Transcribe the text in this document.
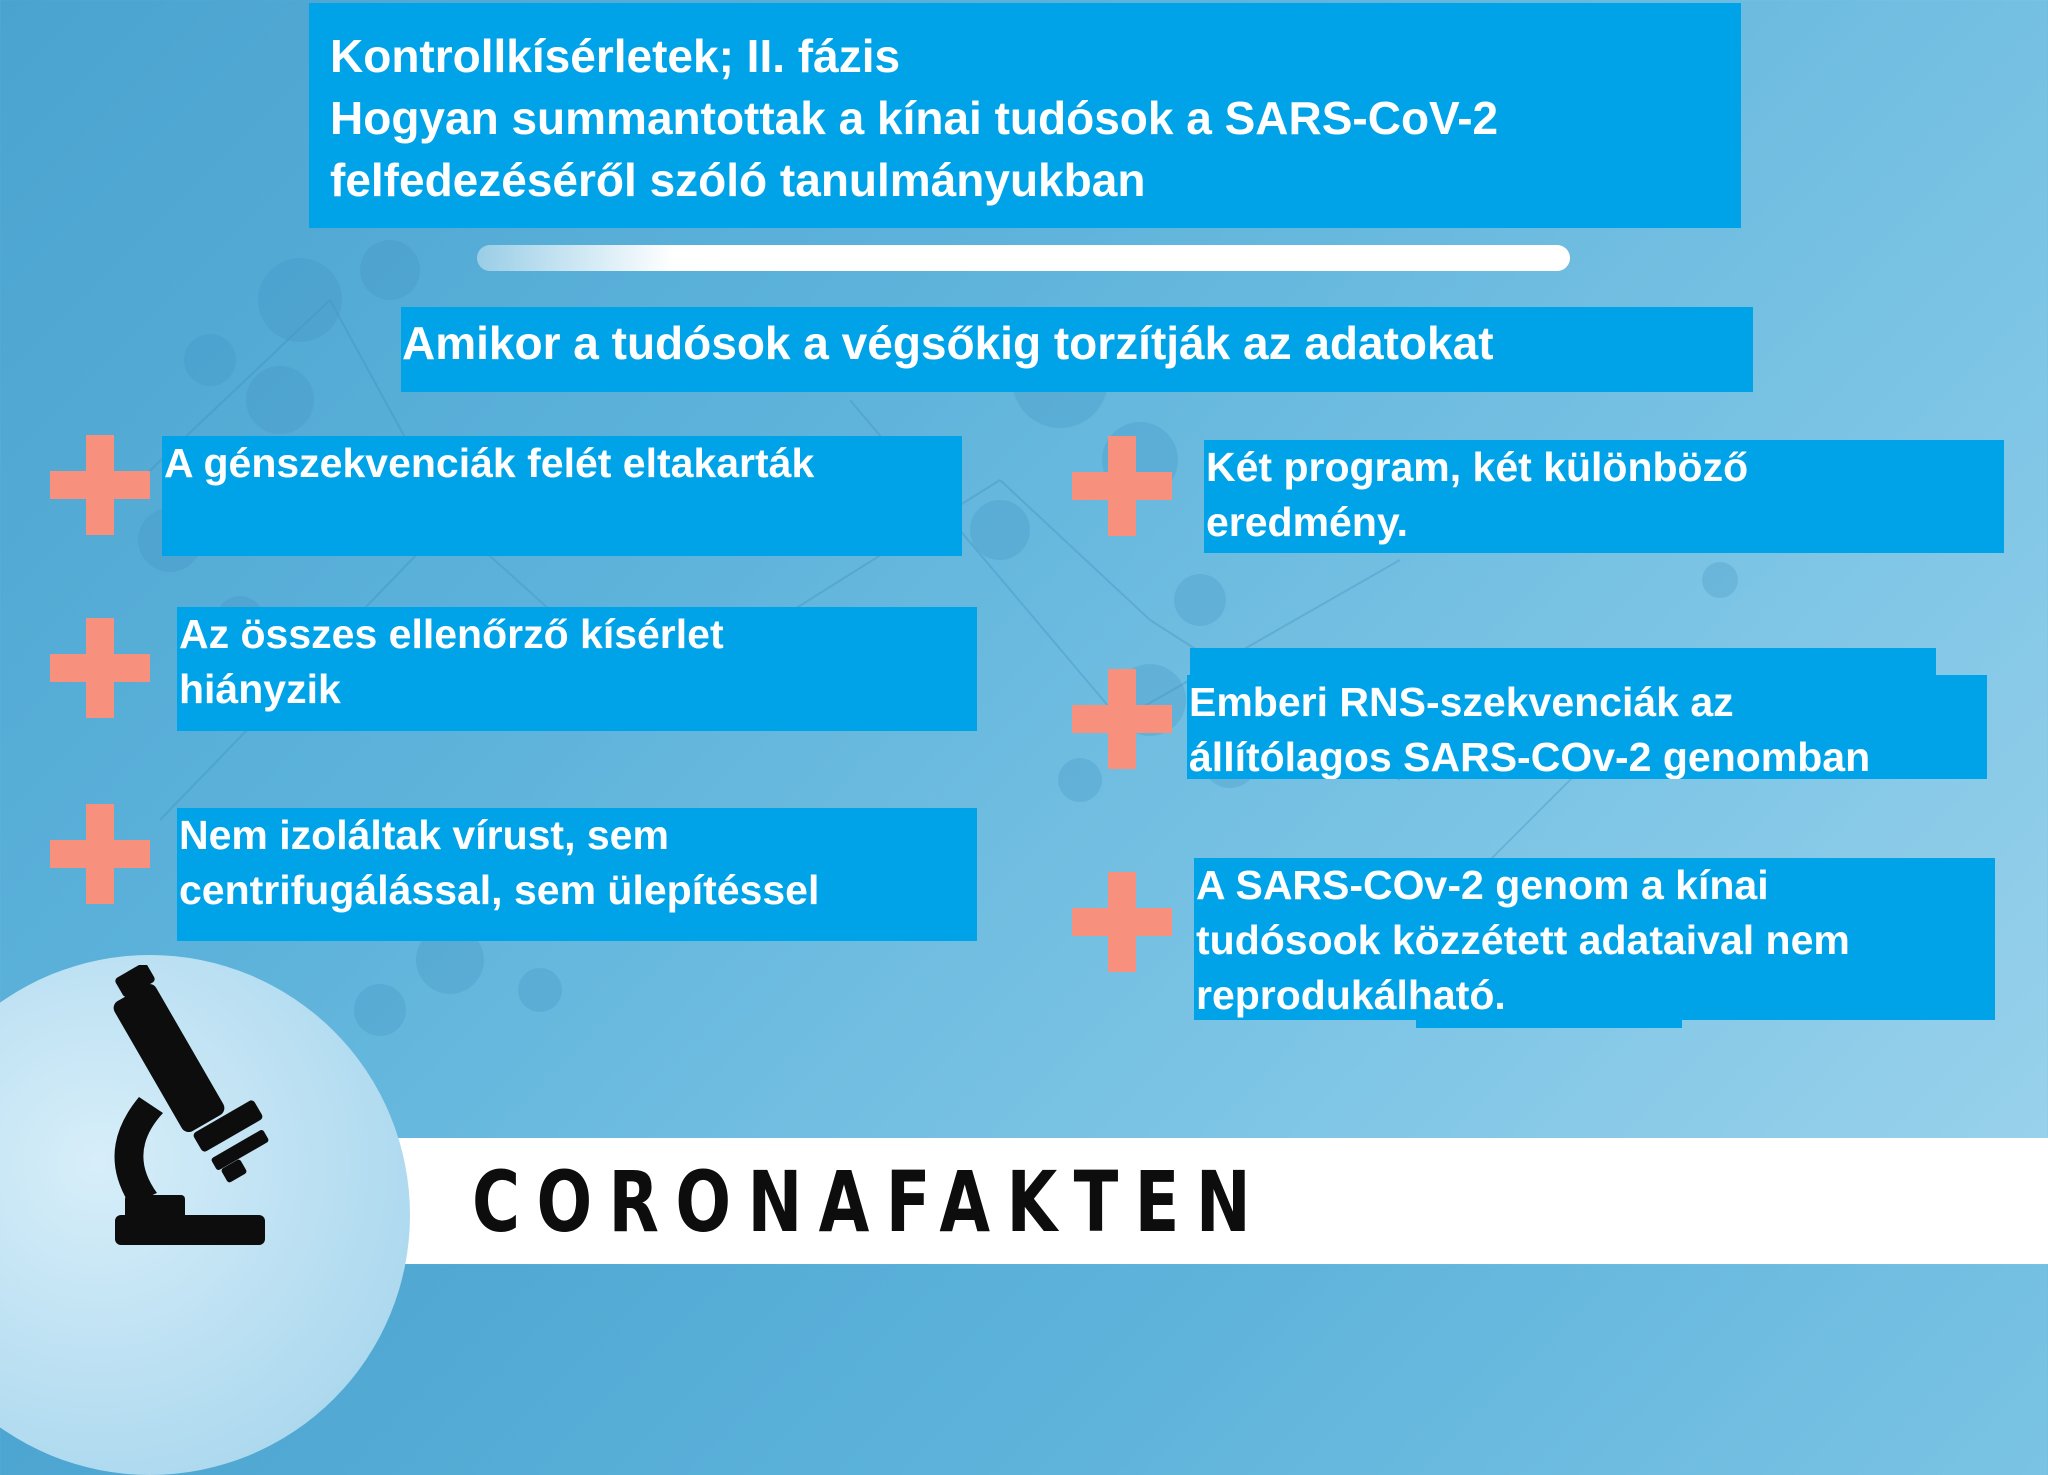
Kontrollkísérletek; II. fázis
Hogyan summantottak a kínai tudósok a SARS-CoV-2
felfedezéséről szóló tanulmányukban
Amikor a tudósok a végsőkig torzítják az adatokat
A génszekvenciák felét eltakarták
Az összes ellenőrző kísérlet
hiányzik
Nem izoláltak vírust, sem
centrifugálással, sem ülepítéssel
Két program, két különböző
eredmény.
Emberi RNS-szekvenciák az
állítólagos SARS-COv-2 genomban
A SARS-COv-2 genom a kínai
tudósook közzétett adataival nem
reprodukálható.
CORONAFAKTEN
